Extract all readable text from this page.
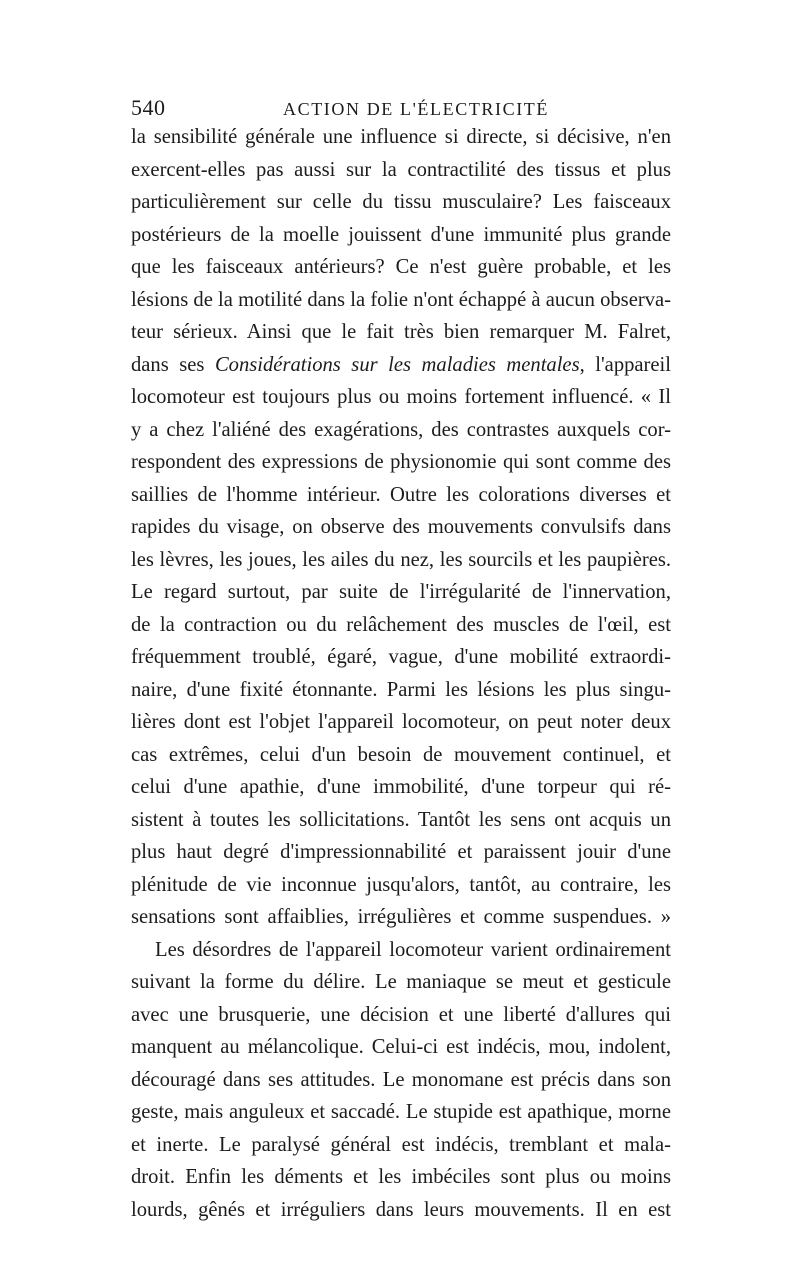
540	ACTION DE L'ÉLECTRICITÉ
la sensibilité générale une influence si directe, si décisive, n'en
exercent-elles pas aussi sur la contractilité des tissus et plus
particulièrement sur celle du tissu musculaire? Les faisceaux
postérieurs de la moelle jouissent d'une immunité plus grande
que les faisceaux antérieurs? Ce n'est guère probable, et les
lésions de la motilité dans la folie n'ont échappé à aucun observa-
teur sérieux. Ainsi que le fait très bien remarquer M. Falret,
dans ses Considérations sur les maladies mentales, l'appareil
locomoteur est toujours plus ou moins fortement influencé. « Il
y a chez l'aliéné des exagérations, des contrastes auxquels cor-
respondent des expressions de physionomie qui sont comme des
saillies de l'homme intérieur. Outre les colorations diverses et
rapides du visage, on observe des mouvements convulsifs dans
les lèvres, les joues, les ailes du nez, les sourcils et les paupières.
Le regard surtout, par suite de l'irrégularité de l'innervation,
de la contraction ou du relâchement des muscles de l'œil, est
fréquemment troublé, égaré, vague, d'une mobilité extraordi-
naire, d'une fixité étonnante. Parmi les lésions les plus singu-
lières dont est l'objet l'appareil locomoteur, on peut noter deux
cas extrêmes, celui d'un besoin de mouvement continuel, et
celui d'une apathie, d'une immobilité, d'une torpeur qui ré-
sistent à toutes les sollicitations. Tantôt les sens ont acquis un
plus haut degré d'impressionnabilité et paraissent jouir d'une
plénitude de vie inconnue jusqu'alors, tantôt, au contraire, les
sensations sont affaiblies, irrégulières et comme suspendues. »
Les désordres de l'appareil locomoteur varient ordinairement
suivant la forme du délire. Le maniaque se meut et gesticule
avec une brusquerie, une décision et une liberté d'allures qui
manquent au mélancolique. Celui-ci est indécis, mou, indolent,
découragé dans ses attitudes. Le monomane est précis dans son
geste, mais anguleux et saccadé. Le stupide est apathique, morne
et inerte. Le paralysé général est indécis, tremblant et mala-
droit. Enfin les déments et les imbéciles sont plus ou moins
lourds, gênés et irréguliers dans leurs mouvements. Il en est
